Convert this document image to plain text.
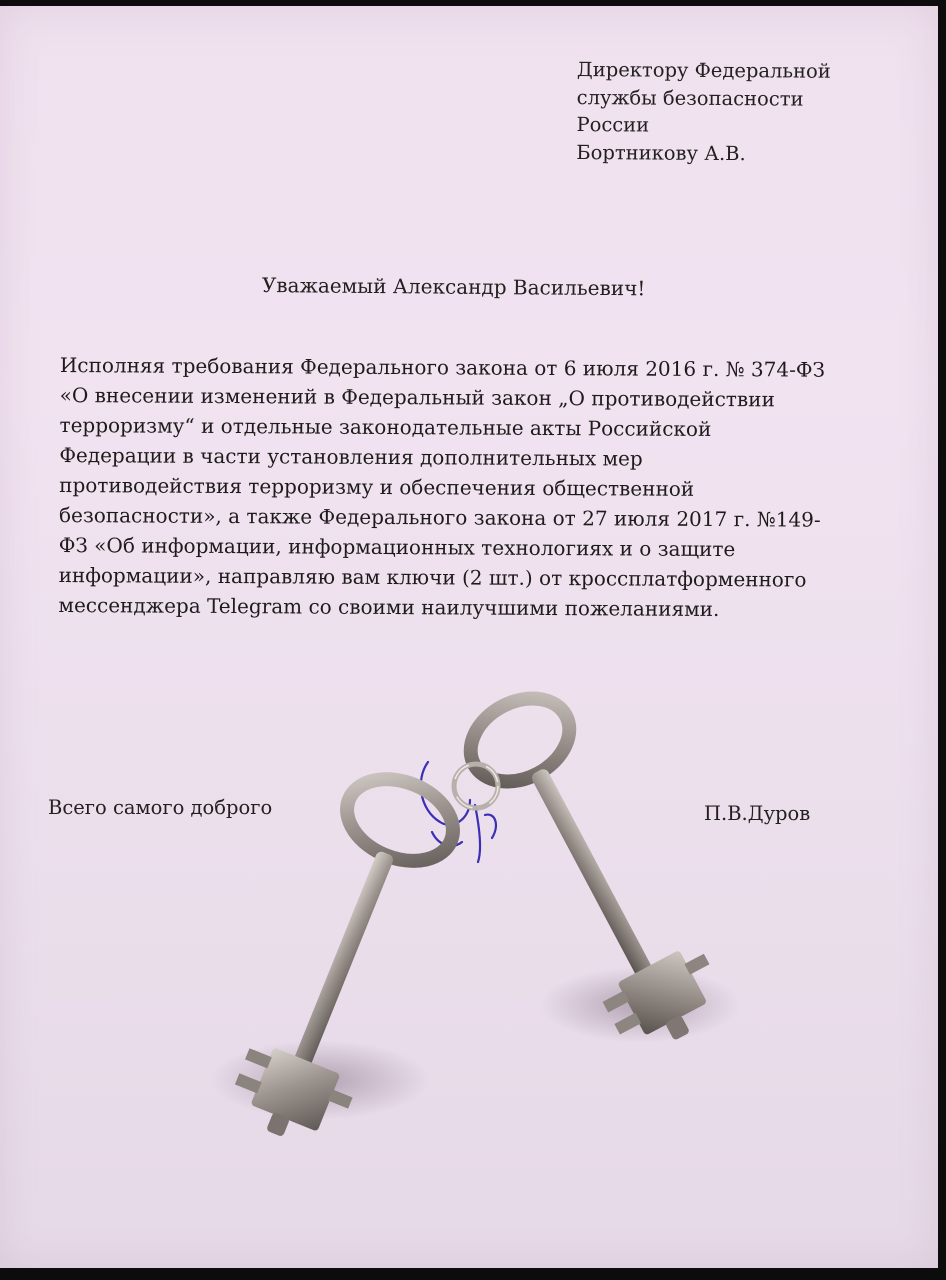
Директору Федеральной
службы безопасности
России
Бортникову А.В.
Уважаемый Александр Васильевич!
Исполняя требования Федерального закона от 6 июля 2016 г. № 374-ФЗ
«О внесении изменений в Федеральный закон „О противодействии
терроризму“ и отдельные законодательные акты Российской
Федерации в части установления дополнительных мер
противодействия терроризму и обеспечения общественной
безопасности», а также Федерального закона от 27 июля 2017 г. №149-
ФЗ «Об информации, информационных технологиях и о защите
информации», направляю вам ключи (2 шт.) от кроссплатформенного
мессенджера Telegram со своими наилучшими пожеланиями.
Всего самого доброго	П.В.Дуров
